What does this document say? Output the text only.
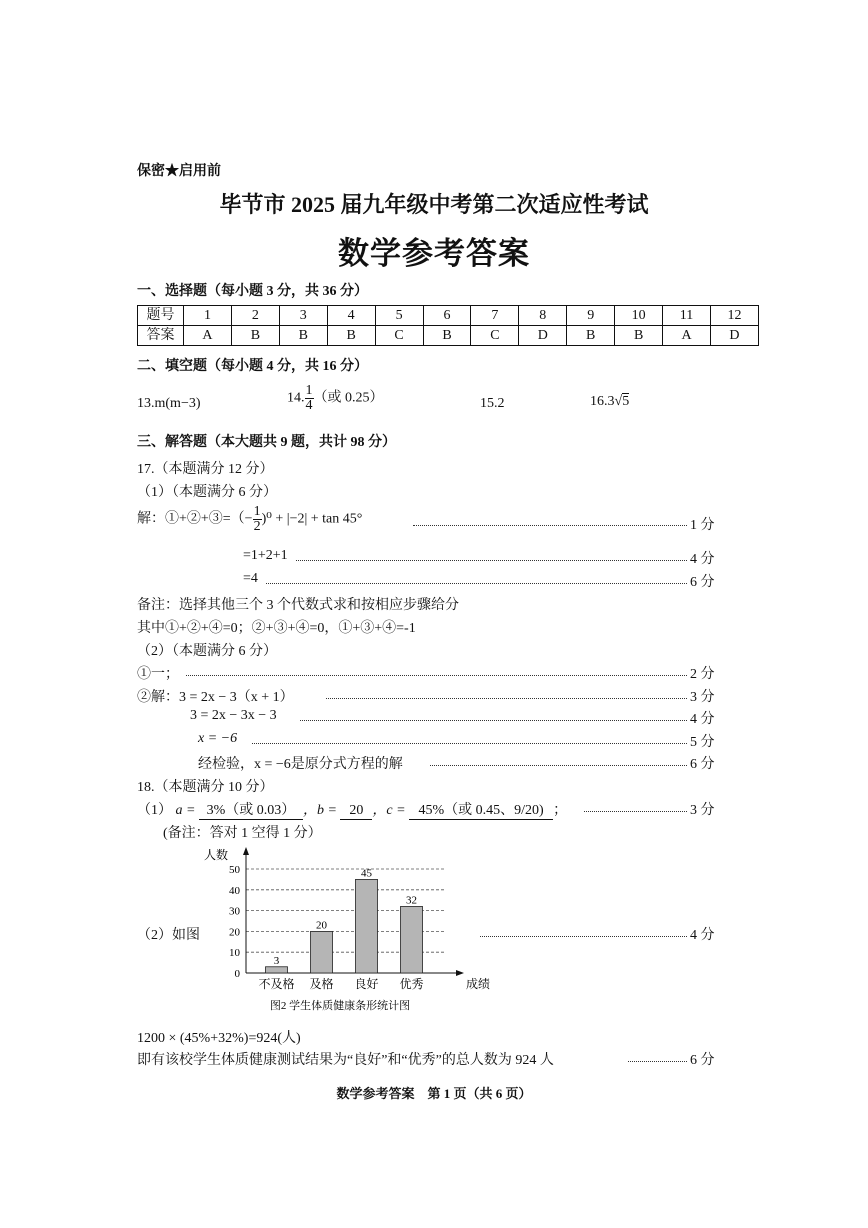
保密★启用前
毕节市 2025 届九年级中考第二次适应性考试
数学参考答案
一、选择题（每小题 3 分，共 36 分）
题号	1	2	3	4	5	6	7	8	9	10	11	12
答案	A	B	B	B	C	B	C	D	B	B	A	D
二、填空题（每小题 4 分，共 16 分）
13.m(m−3)	14. $\frac{1}{4}$ （或 0.25）	15.2	16.3√5
三、解答题（本大题共 9 题，共计 98 分）
17.（本题满分 12 分）
（1）（本题满分 6 分）
解：①+②+③=（− $\frac{1}{2} )^0 + |-2| + \tan 45^\circ$	1 分
=1+2+1	4 分
=4	6 分
备注：选择其他三个 3 个代数式求和按相应步骤给分
其中①+②+④=0；②+③+④=0，①+③+④=-1
（2）（本题满分 6 分）
①一；	2 分
②解：3 = 2x − 3（x + 1）	3 分
3 = 2x − 3x − 3	4 分
x = −6	5 分
经检验，x = −6是原分式方程的解	6 分
18.（本题满分 10 分）
（1） a = 3%（或 0.03） ，b = 20 ，c = 45%（或 0.45、9/20) ；	3 分
(备注：答对 1 空得 1 分）
（2）如图	4 分
0
10
20
30
40
50
人数
成绩
3
不及格
20
及格
45
良好
32
优秀
图2 学生体质健康条形统计图
1200 × (45%+32%)=924(人)
即有该校学生体质健康测试结果为“良好”和“优秀”的总人数为 924 人	6 分
数学参考答案　第 1 页（共 6 页）
